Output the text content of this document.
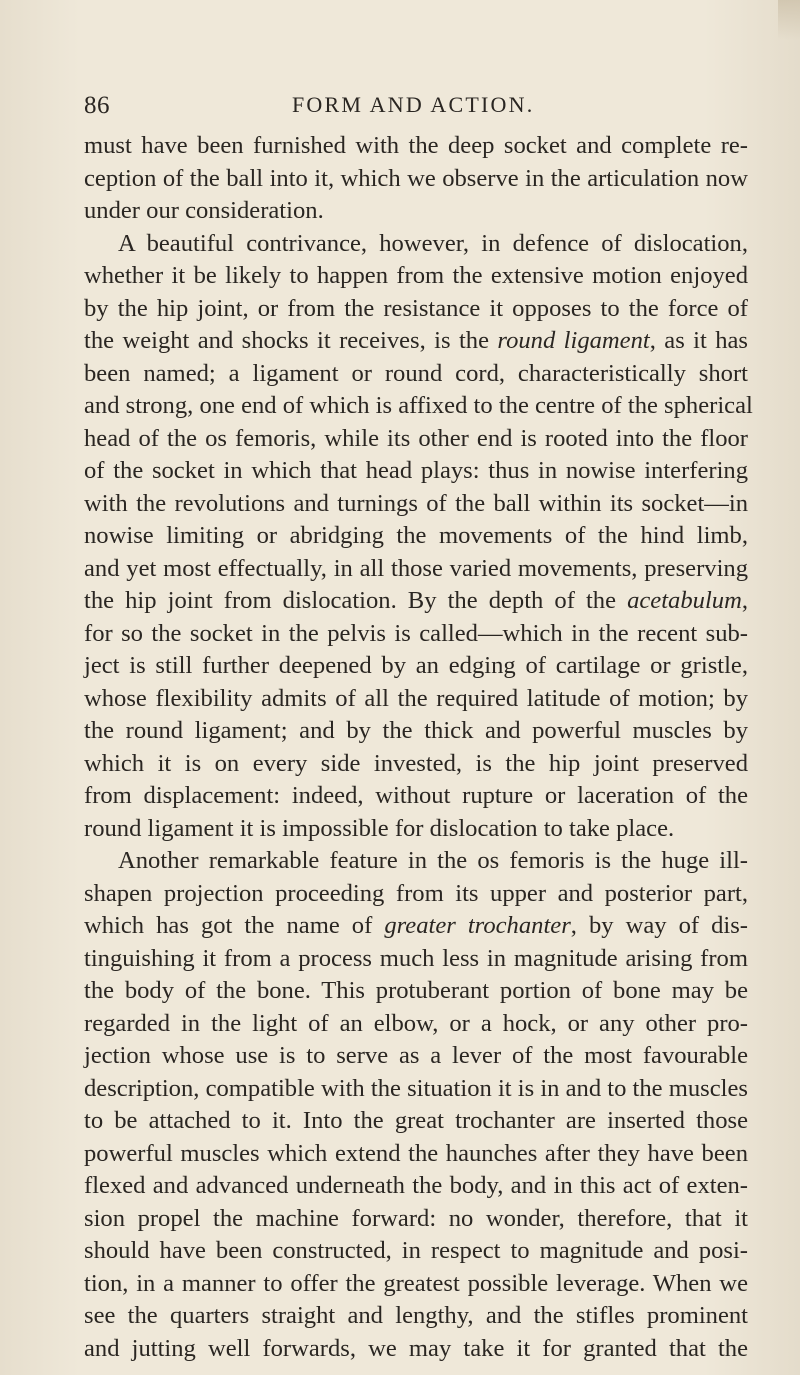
86	FORM AND ACTION.
must have been furnished with the deep socket and complete re-
ception of the ball into it, which we observe in the articulation now
under our consideration.
A beautiful contrivance, however, in defence of dislocation,
whether it be likely to happen from the extensive motion enjoyed
by the hip joint, or from the resistance it opposes to the force of
the weight and shocks it receives, is the round ligament, as it has
been named; a ligament or round cord, characteristically short
and strong, one end of which is affixed to the centre of the spherical
head of the os femoris, while its other end is rooted into the floor
of the socket in which that head plays: thus in nowise interfering
with the revolutions and turnings of the ball within its socket—in
nowise limiting or abridging the movements of the hind limb,
and yet most effectually, in all those varied movements, preserving
the hip joint from dislocation. By the depth of the acetabulum,
for so the socket in the pelvis is called—which in the recent sub-
ject is still further deepened by an edging of cartilage or gristle,
whose flexibility admits of all the required latitude of motion; by
the round ligament; and by the thick and powerful muscles by
which it is on every side invested, is the hip joint preserved
from displacement: indeed, without rupture or laceration of the
round ligament it is impossible for dislocation to take place.
Another remarkable feature in the os femoris is the huge ill-
shapen projection proceeding from its upper and posterior part,
which has got the name of greater trochanter, by way of dis-
tinguishing it from a process much less in magnitude arising from
the body of the bone. This protuberant portion of bone may be
regarded in the light of an elbow, or a hock, or any other pro-
jection whose use is to serve as a lever of the most favourable
description, compatible with the situation it is in and to the muscles
to be attached to it. Into the great trochanter are inserted those
powerful muscles which extend the haunches after they have been
flexed and advanced underneath the body, and in this act of exten-
sion propel the machine forward: no wonder, therefore, that it
should have been constructed, in respect to magnitude and posi-
tion, in a manner to offer the greatest possible leverage. When we
see the quarters straight and lengthy, and the stifles prominent
and jutting well forwards, we may take it for granted that the
